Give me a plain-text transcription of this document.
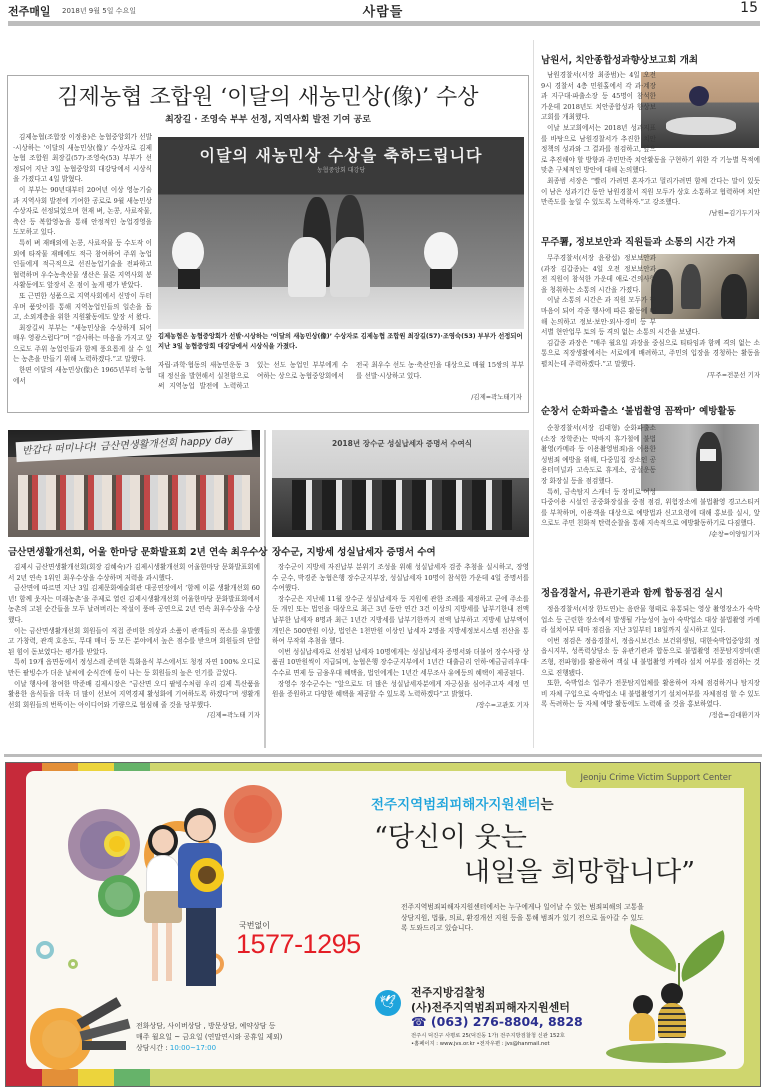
전주매일 2018년 9월 5일 수요일	사람들	15
김제농협 조합원 ‘이달의 새농민상(像)’ 수상
최장길 · 조영숙 부부 선정, 지역사회 발전 기여 공로

김제농협(조합장 이정용)은 농협중앙회가 선발·시상하는 ‘이달의 새농민상(像)’ 수상자로 김제농협 조합원 최장길(57)·조영숙(53) 부부가 선정되어 지난 3일 농협중앙회 대강당에서 시상식을 가졌다고 4일 밝혔다.

이 부부는 90년대부터 20여년 이상 영농기술과 지역사회 발전에 기여한 공로로 9월 새농민상 수상자로 선정되었으며 현재 벼, 논콩, 사료작물, 축산 등 복합영농을 통해 안정적인 농업경영을 도모하고 있다.

특히 벼 재배외에 논콩, 사료작물 등 수도작 이외에 타작물 재배에도 적극 참여하여 주위 농업인들에게 적극적으로 선진농업기술을 전파하고 협력하며 우수농축산물 생산은 물론 지역사회 봉사활동에도 앞장서 온 점이 높게 평가 받았다.

또 근면한 성품으로 지역사회에서 신망이 두터우며 품앗이를 통해 지역농업인들의 일손을 돕고, 소외계층을 위한 지원활동에도 앞장 서 왔다.

최장길씨 부부는 “새농민상을 수상하게 되어 매우 영광스럽다”며 “감사하는 마음을 가지고 앞으로도 주위 농업인들과 함께 풍요롭게 살 수 있는 농촌을 만들기 위해 노력하겠다.”고 말했다.

한편 이달의 새농민상(像)은 1965년부터 농협에서

이달의 새농민상 수상을 축하드립니다
농협중앙회 대강당
김제농협은 농협중앙회가 선발·시상하는 ‘이달의 새농민상(像)’ 수상자로 김제농협 조합원 최장길(57)·조영숙(53) 부부가 선정되어 지난 3일 농협중앙회 대강당에서 시상식을 가졌다.

자립·과학·협동의 새농민운동 3대 정신을 발현해서 실천함으로써 지역농업 발전에 노력하고 있는 선도 농업인 부부에게 수여하는 상으로 농협중앙회에서

전국 최우수 선도 농·축산인을 대상으로 매월 15쌍의 부부를 선발·시상하고 있다.

/김제=곽노태기자
남원서, 치안종합성과향상보고회 개최

남원경찰서(서장 최종범)는 4일 오전 9시 경찰서 4층 민원홀에서 각 과·계장과 지구대·파출소장 등 45명이 참석한 가운데 2018년도 치안종합성과 향상보고회를 개최했다.

이날 보고회에서는 2018년 성과지표를 바탕으로 남원경찰서가 추진한 치안정책의 성과와 그 결과를 점검하고, 앞으로 추진해야 할 방향과 주민만족 치안활동을 구현하기 위한 각 기능별 목적에 맞춘 구체적인 방안에 대해 논의했다.

최종범 서장은 “빨리 가려면 혼자가고 멀리가려면 함께 간다는 말이 있듯이 남은 성과기간 동안 남원경찰서 직원 모두가 상호 소통하고 협력하며 치안만족도를 높일 수 있도록 노력하자.”고 강조했다.

/남원=김기두기자
무주署, 정보보안과 직원들과 소통의 시간 가져

무주경찰서(서장 윤광섭) 정보보안과(과장 김갑종)는 4일 오전 정보보안과 전 직원이 참석한 가운데 애로·건의사항을 청취하는 소통의 시간을 가졌다.

이날 소통의 시간은 과 직원 모두가 한마음이 되어 각종 행사에 따른 활동에 대해 논의하고 정보·보안·외사·경비 등 부서별 현안업무 토의 등 격의 없는 소통의 시간을 보냈다.

김갑종 과장은 “매주 월요일 과장을 중심으로 티타임과 함께 격의 없는 소통으로 직장생활에서는 서로에게 배려하고, 주민의 입장을 경청하는 활동을 펼치는데 주력하겠다.”고 말했다.

/무주=전문선 기자
순창서 순화파출소 ‘불법촬영 꼼짝마’ 예방활동

순창경찰서(서장 김태형) 순화파출소(소장 장학준)는 막바지 휴가철에 불법촬영(카메라 등 이용촬영범죄)을 이용한 성범죄 예방을 위해, 다중밀집 장소인 공용터미널과 고속도로 휴게소, 공설운동장 화장실 등을 점검했다.

특히, 금속탐지 스캐너 등 장비로 여성 다중이용 시설인 공중화장실을 중점 점검, 위험장소에 불법촬영 경고스티커를 부착하며, 이용객을 대상으로 예방법과 신고요령에 대해 홍보를 실시, 앞으로도 주민 친화적 탄력순찰을 통해 지속적으로 예방활동하기로 다짐했다.

/순창=이양일기자
정읍경찰서, 유관기관과 함께 합동점검 실시

정읍경찰서(서장 한도연)는 음란물 형태로 유통되는 영상 촬영장소가 숙박업소 등 근린한 장소에서 발생될 가능성이 높아 숙박업소 대상 불법촬영 카메라 설치여부 테마 점검을 지난 3일부터 18일까지 실시하고 있다.

이번 점검은 정읍경찰서, 정읍시보건소 보건위생팀, 대한숙박업중앙회 정읍시지부, 성폭력상담소 등 유관기관과 합동으로 불법촬영 전문탐지장비(렌즈형, 전파형)를 활용하여 객실 내 불법촬영 카메라 설치 여부를 점검하는 것으로 진행됐다.

또한, 숙박업소 업주가 전문탐지업체를 활용하여 자체 점검하거나 탐지장비 자체 구입으로 숙박업소 내 불법촬영기기 설치여부를 자체점검 할 수 있도록 독려하는 등 자체 예방 활동에도 노력해 줄 것을 홍보하였다.

/정읍=김대환기자
반갑다 떠미나다! 금산면생활개선회 happy day
금산면생활개선회, 어울 한마당 문화발표회 2년 연속 최우수상

김제시 금산면생활개선회(회장 김혜숙)가 김제시생활개선회 어울한마당 문화발표회에서 2년 연속 1위인 최우수상을 수상하며 저력을 과시했다.

금산면에 따르면 지난 3일 김제문화예술회관 대공연장에서 ‘함께 이룬 생활개선회 60년! 함께 웃자는 미래농촌’을 주제로 열린 김제시생활개선회 어울한마당 문화발표회에서 농촌의 고된 순간들을 모두 날려버리는 작설이 풍바 공연으로 2년 연속 최우수상을 수상했다.

이는 금산면생활개선회 회원들이 직접 준비한 의상과 소품이 관객들의 폭소를 유발했고 가창력, 관객 호응도, 무대 매너 등 모든 분야에서 높은 점수를 받으며 회원들의 단합된 힘이 돋보였다는 평가를 받았다.

특히 19개 읍면동에서 정성스레 준비한 특화음식 부스에서도 청정 자연 100% 오디로 만든 팥빙수가 더운 날씨에 순식간에 동이 나는 등 회원들의 높은 인기를 끌었다.

이날 행사에 참여한 박준배 김제시장은 “금산면 오디 팥빙수처럼 우리 김제 특산품을 활용한 음식들을 더욱 더 많이 선보여 지역경제 활성화에 기여하도록 하겠다”며 생활개선회 회원들의 번뜩이는 아이디어와 기량으로 협심해 줄 것을 당부했다.

/김제=곽노태 기자
2018년 장수군 성실납세자 증명서 수여식
장수군, 지방세 성실납세자 증명서 수여

장수군이 지방세 자진납부 분위기 조성을 위해 성실납세자 검증 추첨을 실시하고, 장영수 군수, 박경준 농협은행 장수군지부장, 성실납세자 10명이 참석한 가운데 4일 증명서를 수여했다.

장수군은 지난해 11월 장수군 성실납세자 등 지원에 관한 조례를 제정하고 군에 주소를 둔 개인 또는 법인을 대상으로 최근 3년 동안 연간 3건 이상의 지방세를 납부기한내 전액 납부한 납세자 8명과 최근 1년간 지방세를 납부기한까지 전액 납부하고 지방세 납부액이 개인은 500만원 이상, 법인은 1천만원 이상인 납세자 2명을 지방세정보시스템 전산을 통하여 무작위 추첨을 했다.

이번 성실납세자로 선정된 납세자 10명에게는 성실납세자 증명서와 더불어 장수사랑 상품권 10만원씩이 지급되며, 농협은행 장수군지부에서 1년간 대출금리 인하·예금금리우대·수수료 면제 등 금융우대 혜택을, 법인에게는 1년간 세무조사 유예등의 혜택이 제공된다.

장영수 장수군수는 “앞으로도 더 많은 성실납세자분에게 자긍심을 심어주고자 세정 민원을 증원하고 다양한 혜택을 제공할 수 있도록 노력하겠다”고 밝혔다.

/장수=고관호 기자
Jeonju Crime Victim Support Center
국번없이
1577-1295
전화상담, 사이버상담 , 방문상담, 예약상담 등
매주 월요일 ~ 금요일 (연말연시와 공휴일 제외)
상담시간 : 10:00~17:00
전주지역범죄피해자지원센터는
“당신이 웃는
내일을 희망합니다”
전주지역범죄피해자지원센터에서는 누구에게나 일어날 수 있는 범죄피해의 고통을 상담지원, 법률, 의료, 환경개선 지원 등을 통해 범죄가 있기 전으로 돌아갈 수 있도록 도와드리고 있습니다.
🕊
전주지방검찰청
(사)전주지역범죄피해자지원센터
☎ (063) 276-8804, 8828
전주시 덕진구 사평로 25(덕진동 1가) 전주지방검찰청 신관 152호
•홈페이지 : www.jvs.or.kr •전자우편 : jvs@hanmail.net
